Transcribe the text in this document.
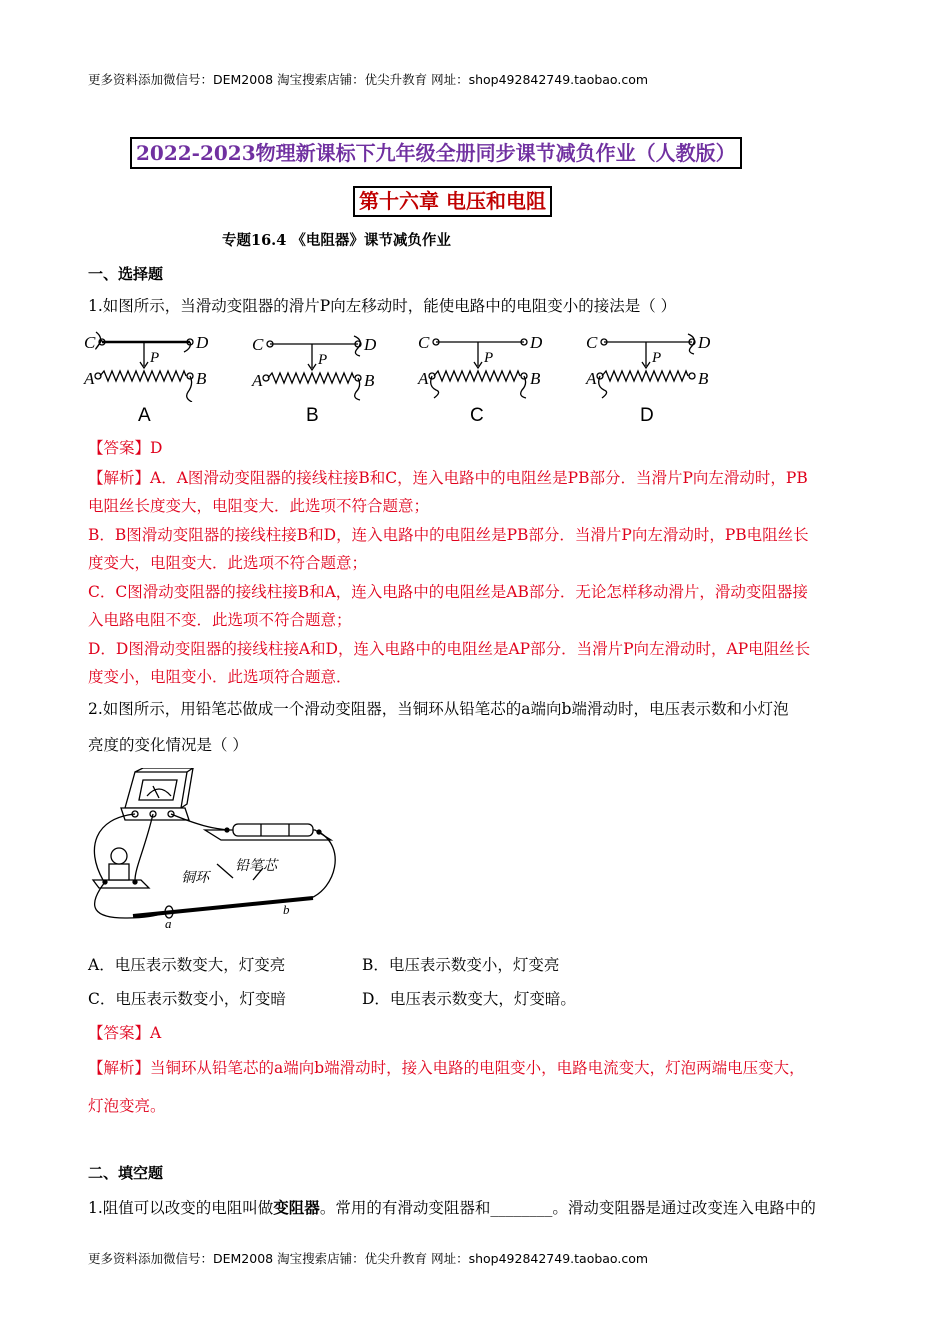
更多资料添加微信号：DEM2008 淘宝搜索店铺：优尖升教育 网址：shop492842749.taobao.com
2022-2023物理新课标下九年级全册同步课节减负作业（人教版）
第十六章 电压和电阻
专题16.4 《电阻器》课节减负作业
一、选择题
1.如图所示，当滑动变阻器的滑片P向左移动时，能使电路中的电阻变小的接法是（ ）
C	D
A	B
P
C	D
A	B
P
C	D
A	B
P
C	D
A	B
P
A	B	C	D
【答案】D
【解析】A．A图滑动变阻器的接线柱接B和C，连入电路中的电阻丝是PB部分．当滑片P向左滑动时，PB
电阻丝长度变大，电阻变大．此选项不符合题意；
B．B图滑动变阻器的接线柱接B和D，连入电路中的电阻丝是PB部分．当滑片P向左滑动时，PB电阻丝长
度变大，电阻变大．此选项不符合题意；
C．C图滑动变阻器的接线柱接B和A，连入电路中的电阻丝是AB部分．无论怎样移动滑片，滑动变阻器接
入电路电阻不变．此选项不符合题意；
D．D图滑动变阻器的接线柱接A和D，连入电路中的电阻丝是AP部分．当滑片P向左滑动时，AP电阻丝长
度变小，电阻变小．此选项符合题意．
2.如图所示，用铅笔芯做成一个滑动变阻器，当铜环从铅笔芯的a端向b端滑动时，电压表示数和小灯泡
亮度的变化情况是（ ）
铜环
铅笔芯
a
b
A．电压表示数变大，灯变亮	B．电压表示数变小，灯变亮
C．电压表示数变小，灯变暗	D．电压表示数变大，灯变暗。
【答案】A
【解析】当铜环从铅笔芯的a端向b端滑动时，接入电路的电阻变小，电路电流变大，灯泡两端电压变大，
灯泡变亮。
二、填空题
1.阻值可以改变的电阻叫做变阻器。常用的有滑动变阻器和________。滑动变阻器是通过改变连入电路中的
更多资料添加微信号：DEM2008 淘宝搜索店铺：优尖升教育 网址：shop492842749.taobao.com
